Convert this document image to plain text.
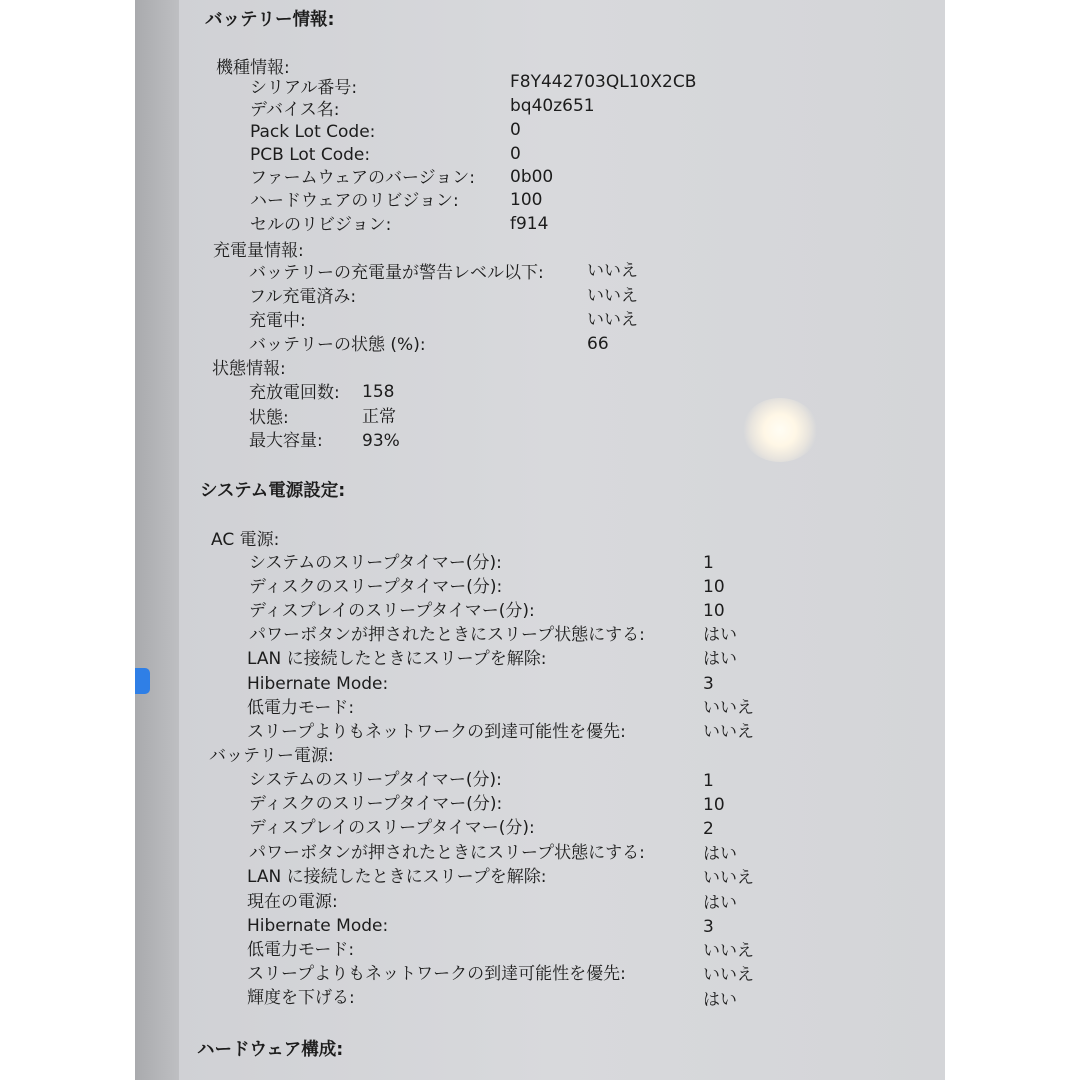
バッテリー情報:
機種情報:
シリアル番号:	F8Y442703QL10X2CB
デバイス名:	bq40z651
Pack Lot Code:	0
PCB Lot Code:	0
ファームウェアのバージョン: 0b00
ハードウェアのリビジョン:	100
セルのリビジョン:	f914
充電量情報:
バッテリーの充電量が警告レベル以下:	いいえ
フル充電済み:	いいえ
充電中:	いいえ
バッテリーの状態 (%):	66
状態情報:
充放電回数: 158
状態:	正常
最大容量: 93%
システム電源設定:
AC 電源:
システムのスリープタイマー(分):	1
ディスクのスリープタイマー(分):	10
ディスプレイのスリープタイマー(分):	10
パワーボタンが押されたときにスリープ状態にする:	はい
LAN に接続したときにスリープを解除:	はい
Hibernate Mode:	3
低電力モード:	いいえ
スリープよりもネットワークの到達可能性を優先:	いいえ
バッテリー電源:
システムのスリープタイマー(分):	1
ディスクのスリープタイマー(分):	10
ディスプレイのスリープタイマー(分):	2
パワーボタンが押されたときにスリープ状態にする:	はい
LAN に接続したときにスリープを解除:	いいえ
現在の電源:	はい
Hibernate Mode:	3
低電力モード:	いいえ
スリープよりもネットワークの到達可能性を優先:	いいえ
輝度を下げる:	はい
ハードウェア構成:
